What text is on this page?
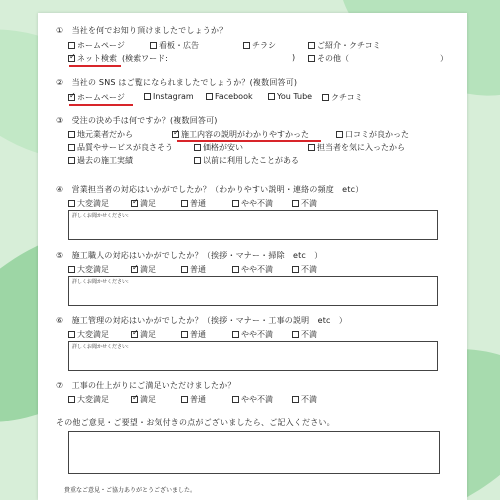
①　当社を何でお知り頂けましたでしょうか？
ホームページ	看板・広告	チラシ	ご紹介・クチコミ
✓ネット検索 (検索ワード:	)	その他（	）
②　当社の SNS はご覧になられましたでしょうか？(複数回答可)
✓ホームページ	Instagram	Facebook	You Tube	クチコミ
③　受注の決め手は何ですか？(複数回答可)
地元業者だから ✓	施工内容の説明がわかりやすかった	口コミが良かった
品質やサービスが良さそう	価格が安い	担当者を気に入ったから
過去の施工実績	以前に利用したことがある
④　営業担当者の対応はいかがでしたか？（わかりやすい説明・連絡の頻度　etc）
大変満足 ✓	満足	普通	やや不満	不満
詳しくお聞かせください:
⑤　施工職人の対応はいかがでしたか？（挨拶・マナー・掃除　etc　）
大変満足 ✓	満足	普通	やや不満	不満
詳しくお聞かせください:
⑥　施工管理の対応はいかがでしたか？（挨拶・マナー・工事の説明　etc　）
大変満足 ✓	満足	普通	やや不満	不満
詳しくお聞かせください:
⑦　工事の仕上がりにご満足いただけましたか？
大変満足 ✓	満足	普通	やや不満	不満
その他ご意見・ご要望・お気付きの点がございましたら、ご記入ください。
貴重なご意見・ご協力ありがとうございました。
